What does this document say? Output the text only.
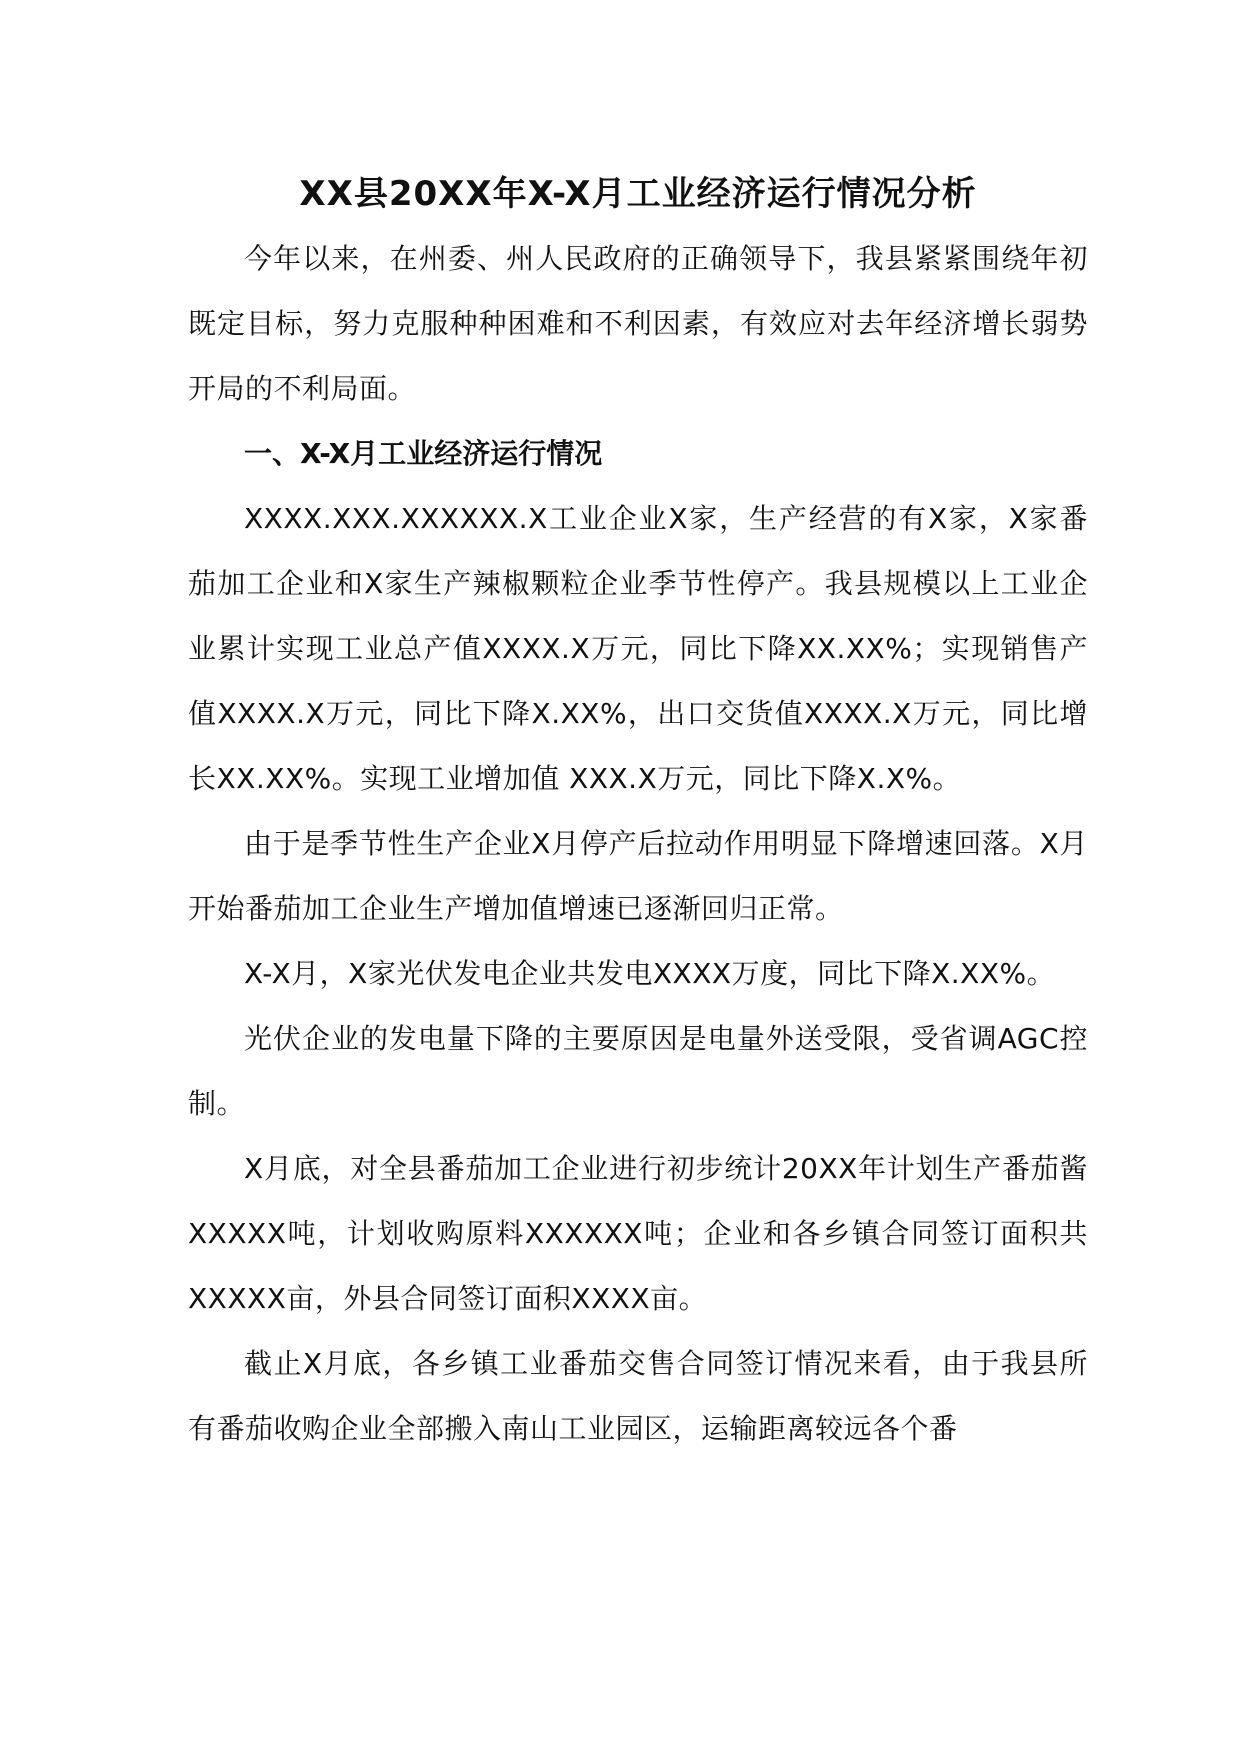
XX县20XX年X-X月工业经济运行情况分析

今年以来，在州委、州人民政府的正确领导下，我县紧紧围绕年初既定目标，努力克服种种困难和不利因素，有效应对去年经济增长弱势开局的不利局面。

一、X-X月工业经济运行情况

XXXX.XXX.XXXXXX.X工业企业X家，生产经营的有X家，X家番茄加工企业和X家生产辣椒颗粒企业季节性停产。我县规模以上工业企业累计实现工业总产值XXXX.X万元，同比下降XX.XX%；实现销售产值XXXX.X万元，同比下降X.XX%，出口交货值XXXX.X万元，同比增长XX.XX%。实现工业增加值 XXX.X万元，同比下降X.X%。

由于是季节性生产企业X月停产后拉动作用明显下降增速回落。X月开始番茄加工企业生产增加值增速已逐渐回归正常。

X-X月，X家光伏发电企业共发电XXXX万度，同比下降X.XX%。

光伏企业的发电量下降的主要原因是电量外送受限，受省调AGC控制。

X月底，对全县番茄加工企业进行初步统计20XX年计划生产番茄酱XXXXX吨，计划收购原料XXXXXX吨；企业和各乡镇合同签订面积共XXXXX亩，外县合同签订面积XXXX亩。

截止X月底，各乡镇工业番茄交售合同签订情况来看，由于我县所有番茄收购企业全部搬入南山工业园区，运输距离较远各个番
